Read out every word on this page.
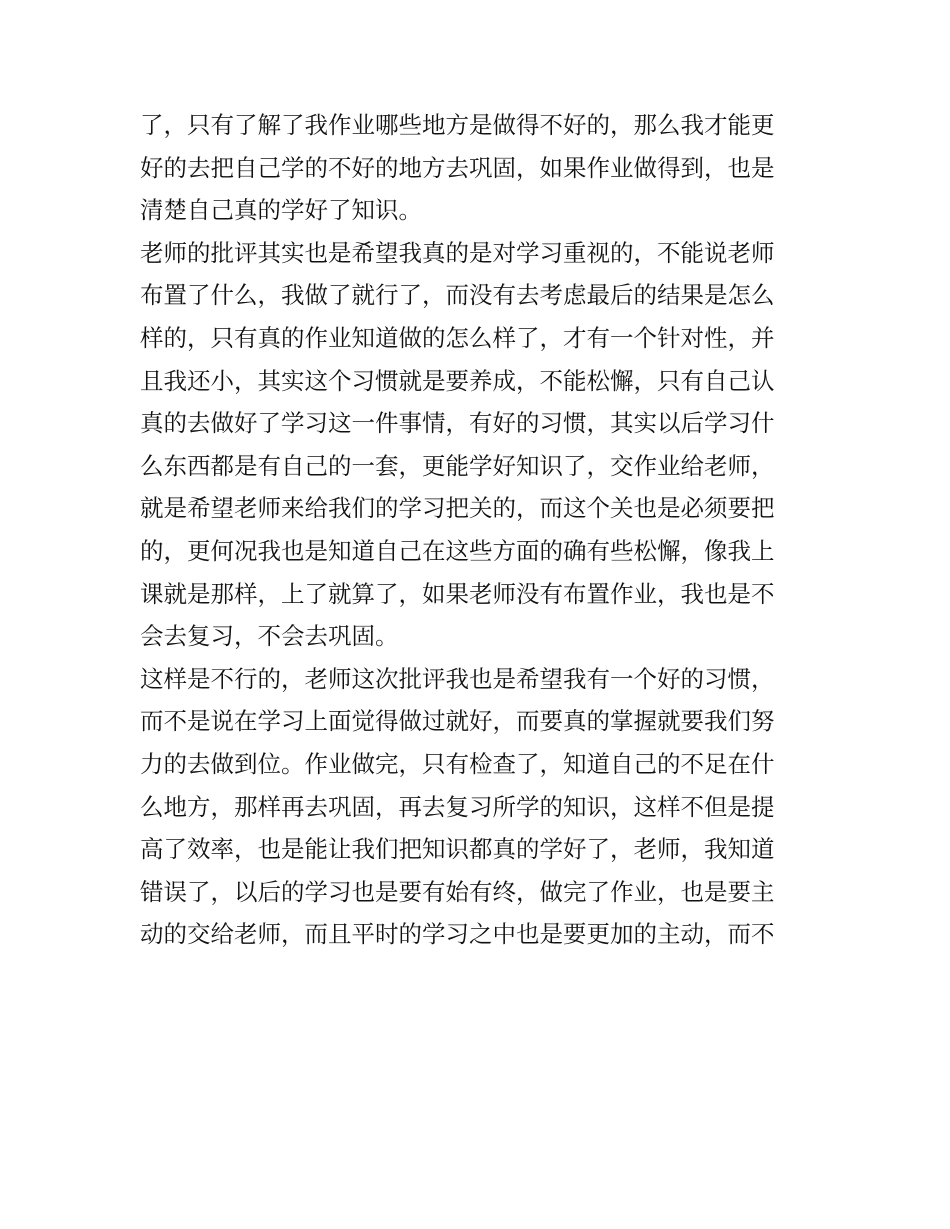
了，只有了解了我作业哪些地方是做得不好的，那么我才能更
好的去把自己学的不好的地方去巩固，如果作业做得到，也是
清楚自己真的学好了知识。
老师的批评其实也是希望我真的是对学习重视的，不能说老师
布置了什么，我做了就行了，而没有去考虑最后的结果是怎么
样的，只有真的作业知道做的怎么样了，才有一个针对性，并
且我还小，其实这个习惯就是要养成，不能松懈，只有自己认
真的去做好了学习这一件事情，有好的习惯，其实以后学习什
么东西都是有自己的一套，更能学好知识了，交作业给老师，
就是希望老师来给我们的学习把关的，而这个关也是必须要把
的，更何况我也是知道自己在这些方面的确有些松懈，像我上
课就是那样，上了就算了，如果老师没有布置作业，我也是不
会去复习，不会去巩固。
这样是不行的，老师这次批评我也是希望我有一个好的习惯，
而不是说在学习上面觉得做过就好，而要真的掌握就要我们努
力的去做到位。作业做完，只有检查了，知道自己的不足在什
么地方，那样再去巩固，再去复习所学的知识，这样不但是提
高了效率，也是能让我们把知识都真的学好了，老师，我知道
错误了，以后的学习也是要有始有终，做完了作业，也是要主
动的交给老师，而且平时的学习之中也是要更加的主动，而不
